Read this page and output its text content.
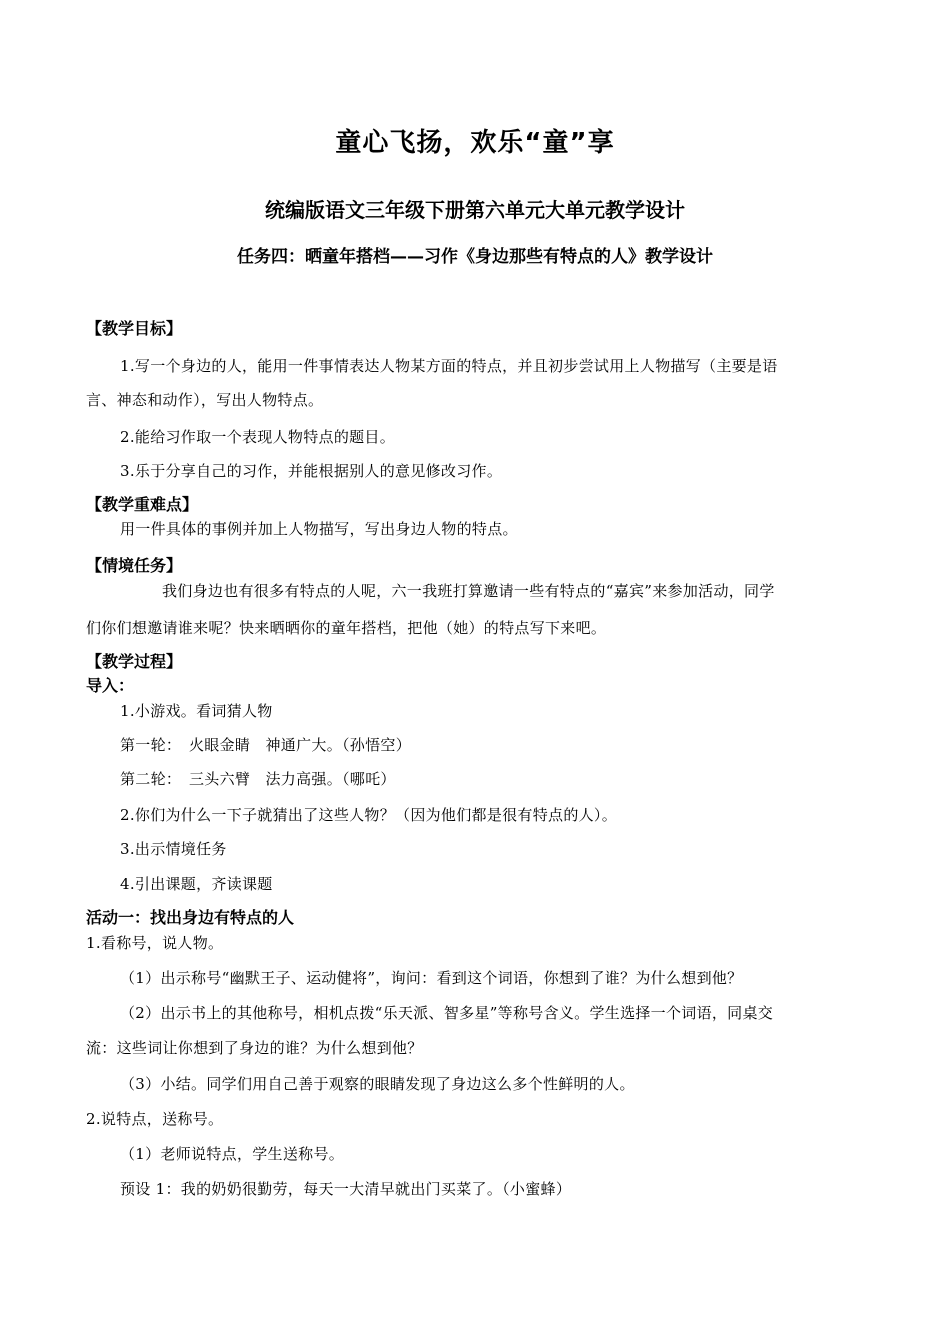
童心飞扬，欢乐“童”享
统编版语文三年级下册第六单元大单元教学设计
任务四：晒童年搭档——习作《身边那些有特点的人》教学设计
【教学目标】
1.写一个身边的人，能用一件事情表达人物某方面的特点，并且初步尝试用上人物描写（主要是语
言、神态和动作），写出人物特点。
2.能给习作取一个表现人物特点的题目。
3.乐于分享自己的习作，并能根据别人的意见修改习作。
【教学重难点】
用一件具体的事例并加上人物描写，写出身边人物的特点。
【情境任务】
我们身边也有很多有特点的人呢，六一我班打算邀请一些有特点的“嘉宾”来参加活动，同学
们你们想邀请谁来呢？快来晒晒你的童年搭档，把他（她）的特点写下来吧。
【教学过程】
导入：
1.小游戏。看词猜人物
第一轮：　火眼金睛　神通广大。（孙悟空）
第二轮：　三头六臂　法力高强。（哪吒）
2.你们为什么一下子就猜出了这些人物？（因为他们都是很有特点的人）。
3.出示情境任务
4.引出课题，齐读课题
活动一：找出身边有特点的人
1.看称号，说人物。
（1）出示称号“幽默王子、运动健将”，询问：看到这个词语，你想到了谁？为什么想到他？
（2）出示书上的其他称号，相机点拨“乐天派、智多星”等称号含义。学生选择一个词语，同桌交
流：这些词让你想到了身边的谁？为什么想到他？
（3）小结。同学们用自己善于观察的眼睛发现了身边这么多个性鲜明的人。
2.说特点，送称号。
（1）老师说特点，学生送称号。
预设 1：我的奶奶很勤劳，每天一大清早就出门买菜了。（小蜜蜂）
